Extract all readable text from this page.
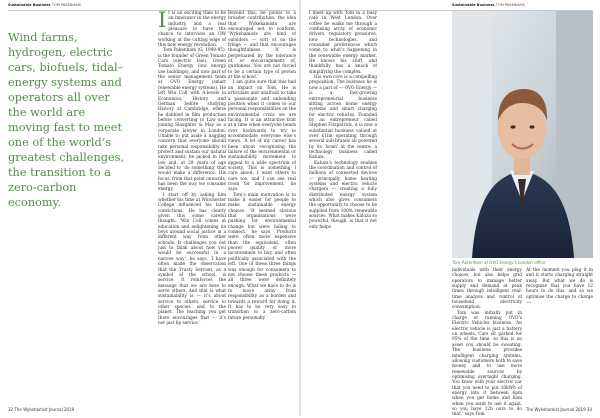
Sustainable Business TOM PAKENHAM

Wind farms, hydrogen, electric cars, biofuels, tidal–energy systems and operators all over the world are moving fast to meet one of the world’s greatest challenges, the transition to a zero-carbon economy.

It is an exciting time to be an innovator in the energy industry, and a real pleasure to have the chance to interview an OW working at the cutting edge of this new energy revolution.

Tom Pakenham (G, 1990-95), is the founder of Green Tomato Cars (electric taxi), Green Tomato Energy (low energy use buildings), and now part of the senior management team at OVO Energy (smart renewable energy systems). He left Win Coll with A-levels in Economics, History and German before studying History at Cambridge, where he dabbled in film production before converting to Law and joining Slaughter & May as a corporate lawyer in London. Unable to put aside a nagging concern that everyone should take personal responsibility to protect and sustain our natural environment, he jacked in the law and, at 29 years of age decided to ‘do something’ that would make a difference. His focus, from that point onwards, has been the way we consume energy.

I start off by asking him whether his time at Winchester College influenced his later convictions. He has clearly given this some careful thought. ‘Win Coll comes at education and enlightening its boys around social justice in a different way from other schools. It challenges you not just to think about how you would be successful in a narrow way’, he says. ‘I have often made the observation that the Trusty Servant, as a symbol of the school, is service. It reinforces the message that we are here to serve others. And that is what sustainability is — it’s about service to others, service to other species, and to the planet. The teaching you get there encourages that — it’s not just lip service.’

Beyond this, he points to a broader contribution, the idea that Wykehamists are encouraged not to conform. ‘Wykehamists are kind of outsiders — sort of on the fringe — and that encourages thoughtfulness. It is perpetuated by the tolerance of, or encouragement of, quirkiness. You are not forced to be a certain type of person at the school.’

I am quite sure that this had an impact on Tom. He is articulate and unafraid to take a passionate and unbending position when it comes to our personal responsibilities on the environmental crisis we are facing. It is an attractive trait at a time when everyone bends over backwards to try to accommodate everyone else’s views. ‘A lot of my career has been about recognising the failure of the environmental or sustainability movement to appeal to a wide spectrum of society. This is something I care about, I want others to care too, and I can see real room for improvement,’ he says.

Tom’s main motivation is to make it easier for people to make sustainable energy choices. ‘It seemed obvious that organisations were pushing for environmental change but were failing to connect,’ he says. ‘Products were often more expensive than the equivalent, often poorer quality or more inconvenient to buy, and often politically associated with the left. One of these three things was enough for consumers to not choose these products — all three were definitely enough. What we have to do is to move away from responsibility as a burden and towards a reward for doing it. It has to be very easy to transition to a zero-carbon future personally.’

32 The Wykehamist Journal 2019
Sustainable Business TOM PAKENHAM

I meet up with Tom in a busy café in West London. Over coffee he walks me through a confusing array of economic drivers, regulatory pressures, new technologies, and consumer preferences which come to what’s happening in the renewable energy market. He knows his stuff, and thankfully has a knack of simplifying the complex.

His own core is a compelling proposition. The business he is now a part of — OVO Energy — is a fast-growing entrepreneurial business sitting across home energy systems and smart charging for electric vehicles. Founded by an entrepreneur called Stephen Fitzpatrick, it is now a substantial business valued at over £1bn operating through several sub-brands all powered by its ‘brain’ at the centre, a technology business called Kaluza.

Kaluza’s technology enables the coordination and control of millions of connected devices — principally home heating systems and electric vehicle chargers — creating a fully distributed energy system which also gives consumers the opportunity to choose to be supplied from 100% renewable sources. What makes Kaluza so powerful, though, is that it not only helps

Tom Pakenham at OVO Energy’s London office

individuals with their energy choices, but also helps grid operators to manage better supply and demand at peak times through intelligent real-time analysis and control of household electricity consumption.

Tom was initially put in charge of running OVO’s Electric Vehicles business. ‘An electric vehicle is just a battery on wheels. Cars sit parked for 95% of the time, so this is an asset you should be sweating. The business provides intelligent charging systems, allowing customers both to save money and to use more renewable sources by optimising overnight charging. You know with your electric car that you need to put 10kWh of energy into it between 6pm when you get home and 6am when you want to use it again, so you have 12h ours to do that,’ says Tom.

At the moment you plug it in and it starts charging straight away. But what we do is recognise that you have 12 hours to do this, and so we optimise the charge to charge →

The Wykehamist Journal 2019 33
